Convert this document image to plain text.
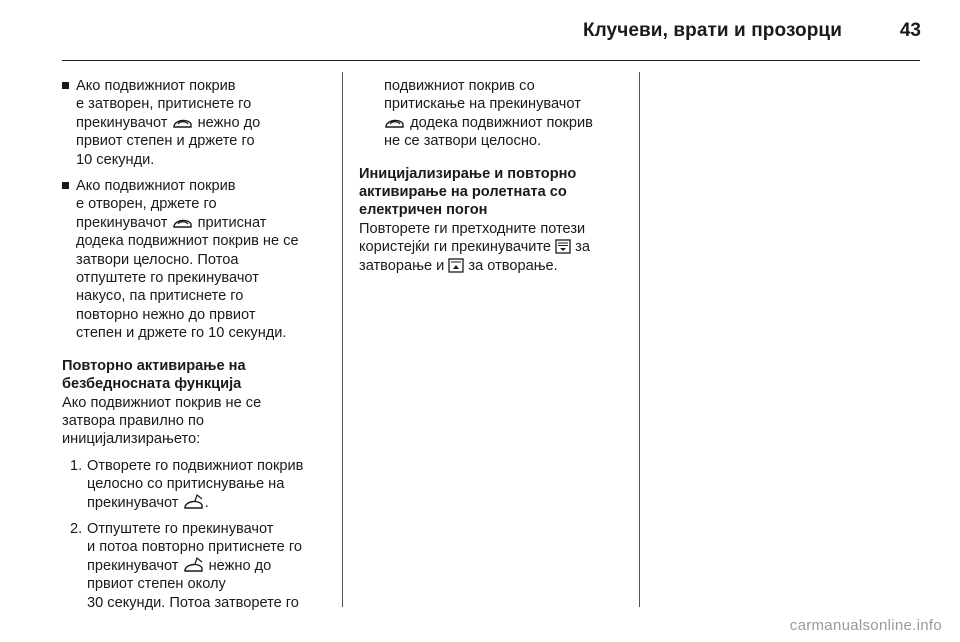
Клучеви, врати и прозорци	43

Ако подвижниот покрив

е затворен, притиснете го

прекинувачот нежно до

првиот степен и држете го

10 секунди.

Ако подвижниот покрив

е отворен, држете го

прекинувачот притиснат

додека подвижниот покрив не се

затвори целосно. Потоа

отпуштете го прекинувачот

накусо, па притиснете го

повторно нежно до првиот

степен и држете го 10 секунди.

Повторно активирање на

безбедносната функција

Ако подвижниот покрив не се

затвора правилно по

иницијализирањето:

1. Отворете го подвижниот покрив

целосно со притиснување на

прекинувачот .

2. Отпуштете го прекинувачот

и потоа повторно притиснете го

прекинувачот нежно до

првиот степен околу

30 секунди. Потоа затворете го

подвижниот покрив со

притискање на прекинувачот

додека подвижниот покрив

не се затвори целосно.

Иницијализирање и повторно

активирање на ролетната со

електричен погон

Повторете ги претходните потези

користејќи ги прекинувачите за

затворање и за отворање.

carmanualsonline.info
